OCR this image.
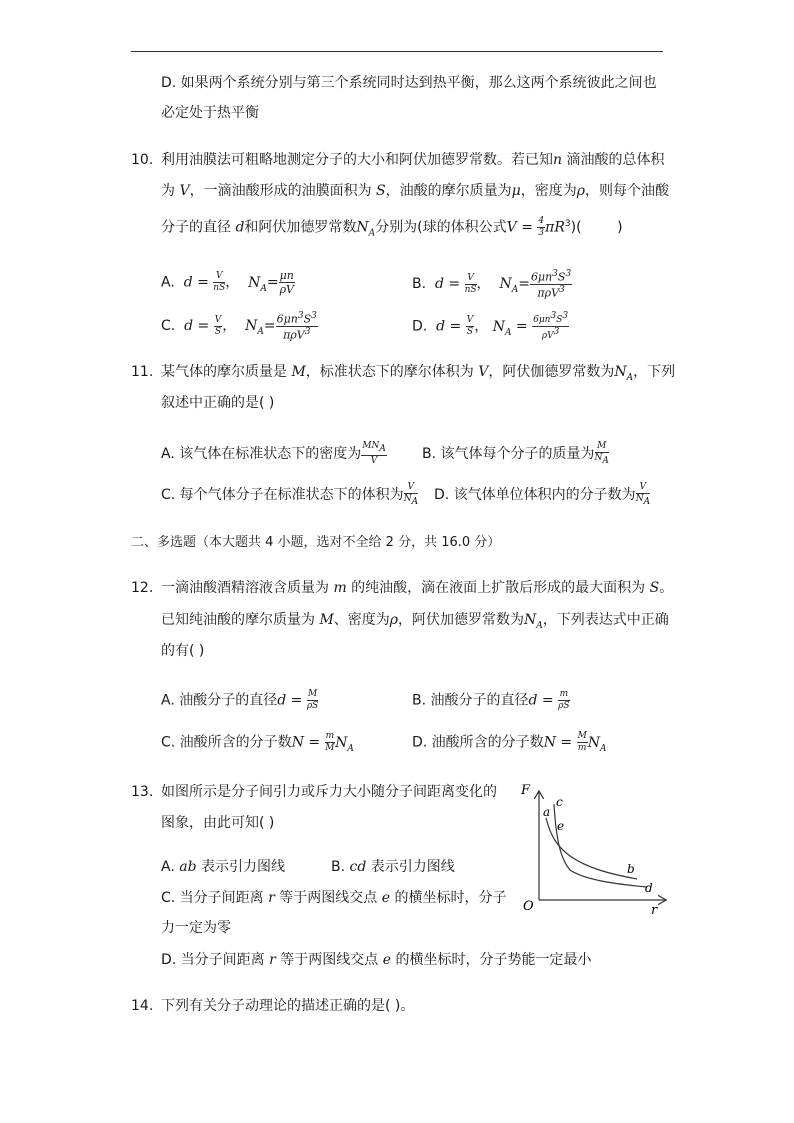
D. 如果两个系统分别与第三个系统同时达到热平衡，那么这两个系统彼此之间也
必定处于热平衡
10. 利用油膜法可粗略地测定分子的大小和阿伏加德罗常数。若已知n 滴油酸的总体积
为 V，一滴油酸形成的油膜面积为 S，油酸的摩尔质量为μ，密度为ρ，则每个油酸
分子的直径 d和阿伏加德罗常数$N_A$分别为(球的体积公式$V = \frac{4}{3} \pi R^3$)(        )
A.  $d = \frac{V}{nS}$ ，  $N_A= \frac{\mu n}{\rho V}$	B.  $d = \frac{V}{nS}$ ，  $N_A= \frac{6\mu n^3S^3}{\pi\rho V^3}$
C.  $d = \frac{V}{S}$ ，  $N_A= \frac{6\mu n^3S^3}{\pi\rho V^3}$	D.  $d = \frac{V}{S}$ ， $N_A = \frac{6\mu n^3S^3}{\rho V^3}$
11. 某气体的摩尔质量是 M，标准状态下的摩尔体积为 V，阿伏伽德罗常数为$N_A$，下列
叙述中正确的是( )
A. 该气体在标准状态下的密度为 $\frac{MN_A}{V}$	B. 该气体每个分子的质量为 $\frac{M}{N_A}$
C. 每个气体分子在标准状态下的体积为 $\frac{V}{N_A} D$. 该气体单位体积内的分子数为 $\frac{V}{N_A}$
二、多选题（本大题共 4 小题，选对不全给 2 分，共 16.0 分）
12. 一滴油酸酒精溶液含质量为 m 的纯油酸，滴在液面上扩散后形成的最大面积为 S。
已知纯油酸的摩尔质量为 M、密度为ρ，阿伏加德罗常数为$N_A$，下列表达式中正确
的有( )
A. 油酸分子的直径$d = \frac{M}{\rho S}$	B. 油酸分子的直径$d = \frac{m}{\rho S}$
C. 油酸所含的分子数$N = \frac{m}{M} N_A$	D. 油酸所含的分子数$N = \frac{M}{m} N_A$
13. 如图所示是分子间引力或斥力大小随分子间距离变化的
图象，由此可知( )
A. ab 表示引力图线	B. cd 表示引力图线
C. 当分子间距离 r 等于两图线交点 e 的横坐标时，分子
力一定为零
D. 当分子间距离 r 等于两图线交点 e 的横坐标时，分子势能一定最小
F
O	r
a
c
e
b
d
14. 下列有关分子动理论的描述正确的是( )。
